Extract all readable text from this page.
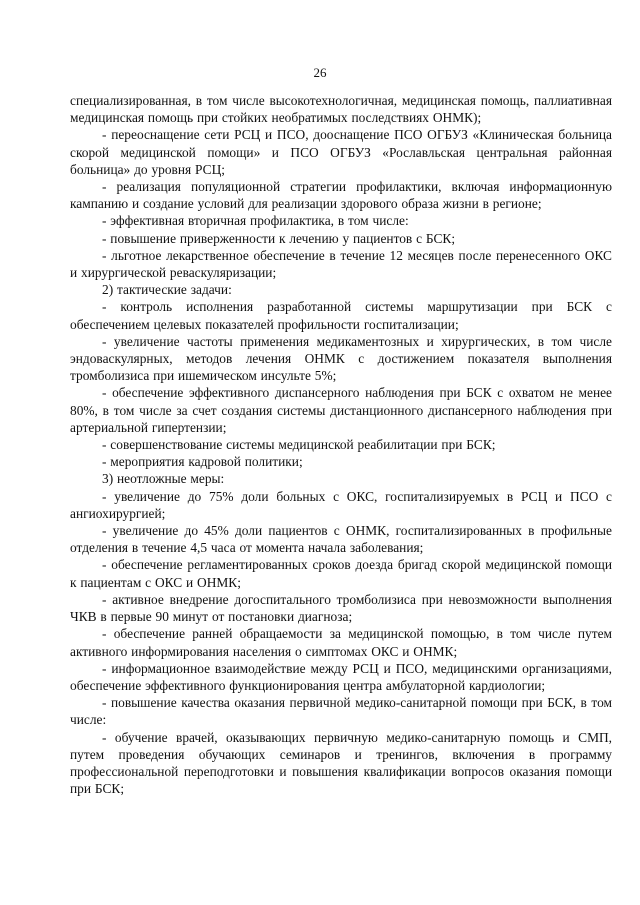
26

специализированная, в том числе высокотехнологичная, медицинская помощь, паллиативная медицинская помощь при стойких необратимых последствиях ОНМК);

- переоснащение сети РСЦ и ПСО, дооснащение ПСО ОГБУЗ «Клиническая больница скорой медицинской помощи» и ПСО ОГБУЗ «Рославльская центральная районная больница» до уровня РСЦ;

- реализация популяционной стратегии профилактики, включая информационную кампанию и создание условий для реализации здорового образа жизни в регионе;

- эффективная вторичная профилактика, в том числе:

- повышение приверженности к лечению у пациентов с БСК;

- льготное лекарственное обеспечение в течение 12 месяцев после перенесенного ОКС и хирургической реваскуляризации;

2) тактические задачи:

- контроль исполнения разработанной системы маршрутизации при БСК с обеспечением целевых показателей профильности госпитализации;

- увеличение частоты применения медикаментозных и хирургических, в том числе эндоваскулярных, методов лечения ОНМК с достижением показателя выполнения тромболизиса при ишемическом инсульте 5%;

- обеспечение эффективного диспансерного наблюдения при БСК с охватом не менее 80%, в том числе за счет создания системы дистанционного диспансерного наблюдения при артериальной гипертензии;

- совершенствование системы медицинской реабилитации при БСК;

- мероприятия кадровой политики;

3) неотложные меры:

- увеличение до 75% доли больных с ОКС, госпитализируемых в РСЦ и ПСО с ангиохирургией;

- увеличение до 45% доли пациентов с ОНМК, госпитализированных в профильные отделения в течение 4,5 часа от момента начала заболевания;

- обеспечение регламентированных сроков доезда бригад скорой медицинской помощи к пациентам с ОКС и ОНМК;

- активное внедрение догоспитального тромболизиса при невозможности выполнения ЧКВ в первые 90 минут от постановки диагноза;

- обеспечение ранней обращаемости за медицинской помощью, в том числе путем активного информирования населения о симптомах ОКС и ОНМК;

- информационное взаимодействие между РСЦ и ПСО, медицинскими организациями, обеспечение эффективного функционирования центра амбулаторной кардиологии;

- повышение качества оказания первичной медико-санитарной помощи при БСК, в том числе:

- обучение врачей, оказывающих первичную медико-санитарную помощь и СМП, путем проведения обучающих семинаров и тренингов, включения в программу профессиональной переподготовки и повышения квалификации вопросов оказания помощи при БСК;
